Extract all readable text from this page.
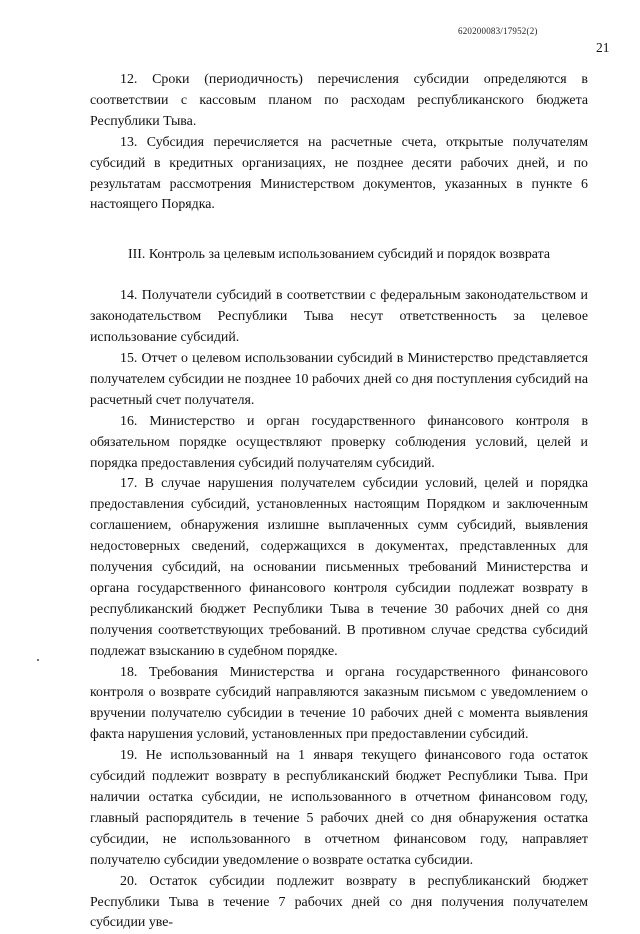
620200083/17952(2)
21

12. Сроки (периодичность) перечисления субсидии определяются в соответствии с кассовым планом по расходам республиканского бюджета Республики Тыва.

13. Субсидия перечисляется на расчетные счета, открытые получателям субсидий в кредитных организациях, не позднее десяти рабочих дней, и по результатам рассмотрения Министерством документов, указанных в пункте 6 настоящего Порядка.

III. Контроль за целевым использованием субсидий и порядок возврата

14. Получатели субсидий в соответствии с федеральным законодательством и законодательством Республики Тыва несут ответственность за целевое использование субсидий.

15. Отчет о целевом использовании субсидий в Министерство представляется получателем субсидии не позднее 10 рабочих дней со дня поступления субсидий на расчетный счет получателя.

16. Министерство и орган государственного финансового контроля в обязательном порядке осуществляют проверку соблюдения условий, целей и порядка предоставления субсидий получателям субсидий.

17. В случае нарушения получателем субсидии условий, целей и порядка предоставления субсидий, установленных настоящим Порядком и заключенным соглашением, обнаружения излишне выплаченных сумм субсидий, выявления недостоверных сведений, содержащихся в документах, представленных для получения субсидий, на основании письменных требований Министерства и органа государственного финансового контроля субсидии подлежат возврату в республиканский бюджет Республики Тыва в течение 30 рабочих дней со дня получения соответствующих требований. В противном случае средства субсидий подлежат взысканию в судебном порядке.

18. Требования Министерства и органа государственного финансового контроля о возврате субсидий направляются заказным письмом с уведомлением о вручении получателю субсидии в течение 10 рабочих дней с момента выявления факта нарушения условий, установленных при предоставлении субсидий.

19. Не использованный на 1 января текущего финансового года остаток субсидий подлежит возврату в республиканский бюджет Республики Тыва. При наличии остатка субсидии, не использованного в отчетном финансовом году, главный распорядитель в течение 5 рабочих дней со дня обнаружения остатка субсидии, не использованного в отчетном финансовом году, направляет получателю субсидии уведомление о возврате остатка субсидии.

20. Остаток субсидии подлежит возврату в республиканский бюджет Республики Тыва в течение 7 рабочих дней со дня получения получателем субсидии уве-
